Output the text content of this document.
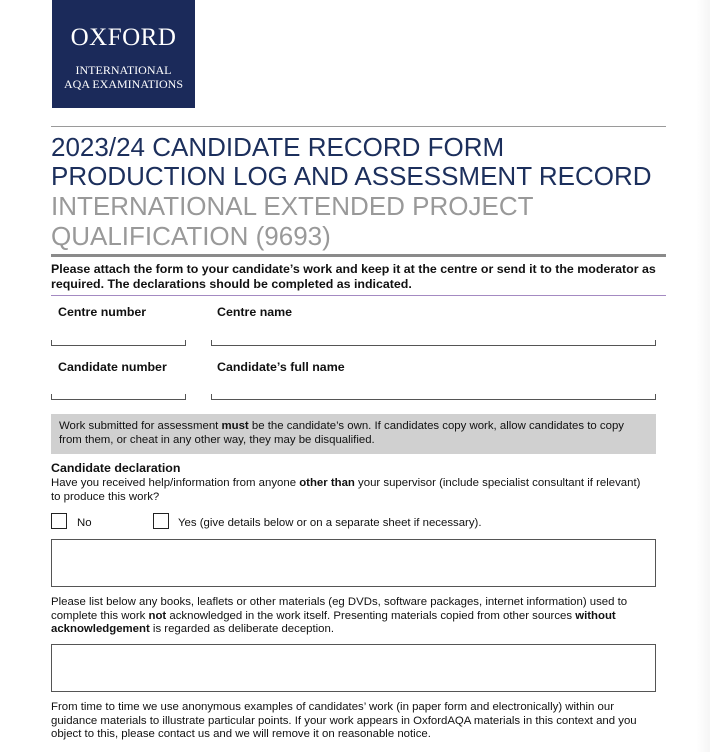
OXFORD
INTERNATIONAL
AQA EXAMINATIONS
2023/24 CANDIDATE RECORD FORM
PRODUCTION LOG AND ASSESSMENT RECORD
INTERNATIONAL EXTENDED PROJECT
QUALIFICATION (9693)
Please attach the form to your candidate’s work and keep it at the centre or send it to the moderator as required. The declarations should be completed as indicated.
Centre number	Centre name
Candidate number	Candidate’s full name
Work submitted for assessment must be the candidate’s own. If candidates copy work, allow candidates to copy from them, or cheat in any other way, they may be disqualified.
Candidate declaration
Have you received help/information from anyone other than your supervisor (include specialist consultant if relevant) to produce this work?
No	Yes (give details below or on a separate sheet if necessary).
Please list below any books, leaflets or other materials (eg DVDs, software packages, internet information) used to complete this work not acknowledged in the work itself. Presenting materials copied from other sources without acknowledgement is regarded as deliberate deception.
From time to time we use anonymous examples of candidates’ work (in paper form and electronically) within our guidance materials to illustrate particular points. If your work appears in OxfordAQA materials in this context and you object to this, please contact us and we will remove it on reasonable notice.
